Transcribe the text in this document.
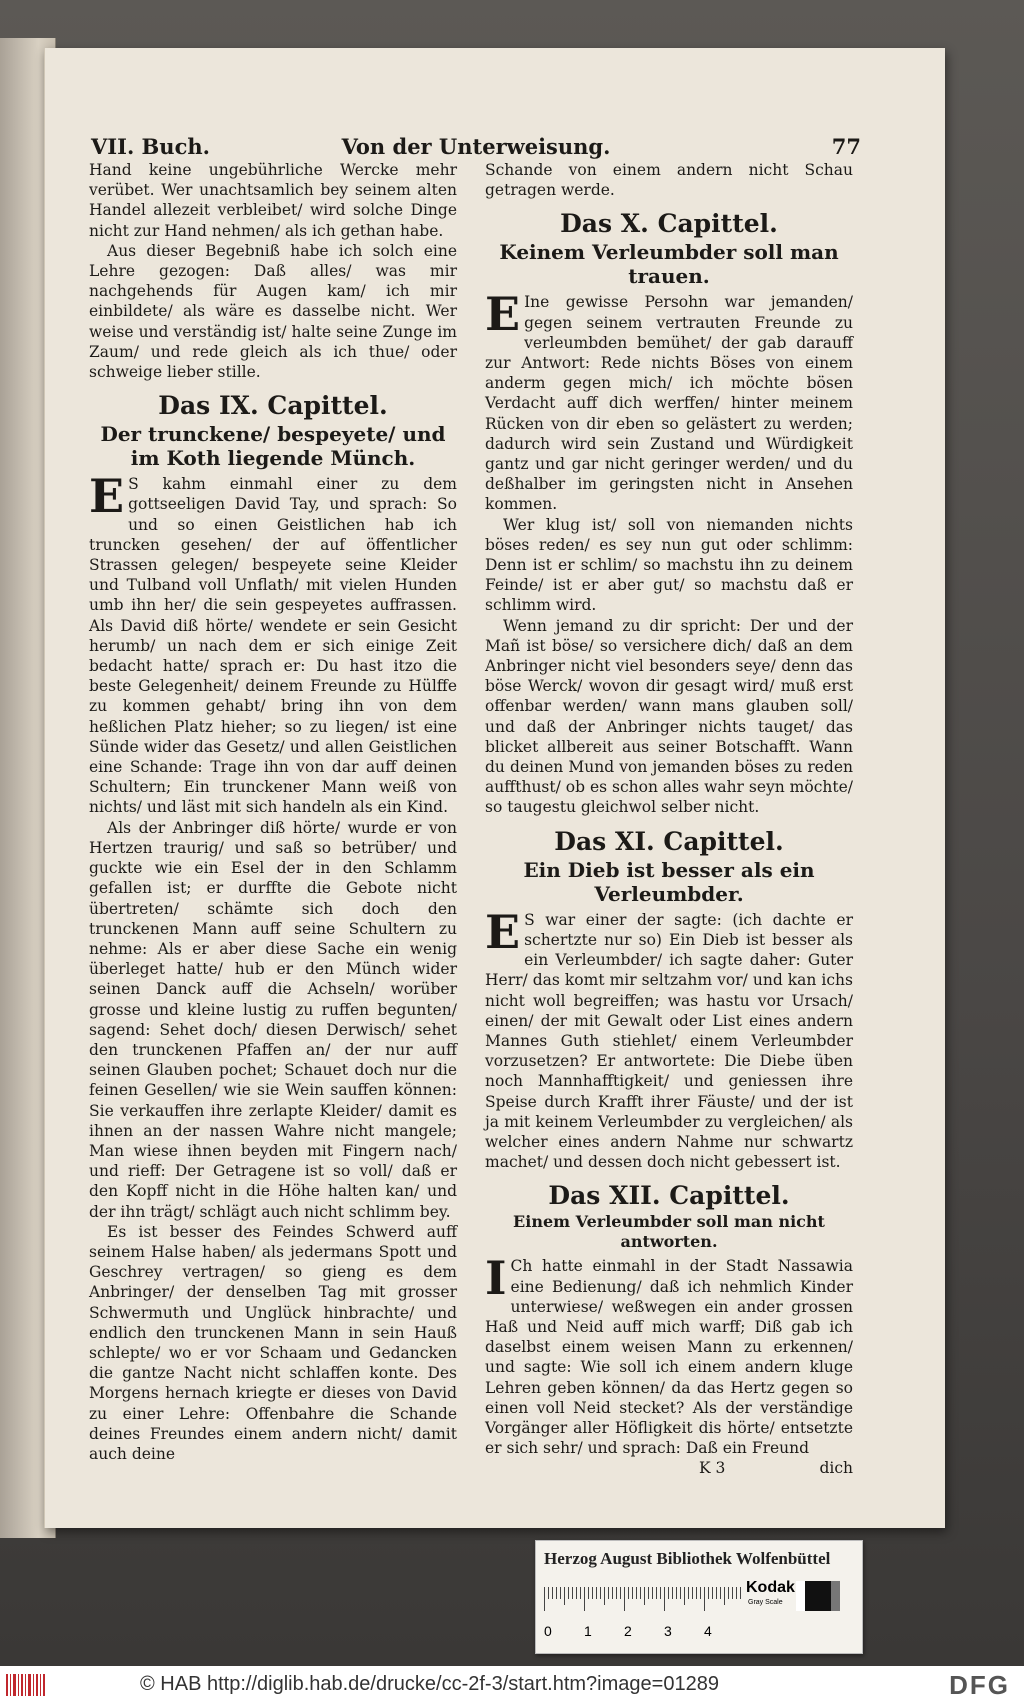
VII. Buch.	Von der Unterweisung.	77

Hand keine ungebührliche Wercke mehr verübet. Wer unachtsamlich bey seinem alten Handel allezeit verbleibet/ wird solche Dinge nicht zur Hand nehmen/ als ich gethan habe.

Aus dieser Begebniß habe ich solch eine Lehre gezogen: Daß alles/ was mir nachgehends für Augen kam/ ich mir einbildete/ als wäre es dasselbe nicht. Wer weise und verständig ist/ halte seine Zunge im Zaum/ und rede gleich als ich thue/ oder schweige lieber stille.

Das IX. Capittel.
Der trunckene/ bespeyete/ und im Koth liegende Münch.

E S kahm einmahl einer zu dem gottseeligen David Tay, und sprach: So und so einen Geistlichen hab ich truncken gesehen/ der auf öffentlicher Strassen gelegen/ bespeyete seine Kleider und Tulband voll Unflath/ mit vielen Hunden umb ihn her/ die sein gespeyetes auffrassen. Als David diß hörte/ wendete er sein Gesicht herumb/ un nach dem er sich einige Zeit bedacht hatte/ sprach er: Du hast itzo die beste Gelegenheit/ deinem Freunde zu Hülffe zu kommen gehabt/ bring ihn von dem heßlichen Platz hieher; so zu liegen/ ist eine Sünde wider das Gesetz/ und allen Geistlichen eine Schande: Trage ihn von dar auff deinen Schultern; Ein trunckener Mann weiß von nichts/ und läst mit sich handeln als ein Kind.

Als der Anbringer diß hörte/ wurde er von Hertzen traurig/ und saß so betrüber/ und guckte wie ein Esel der in den Schlamm gefallen ist; er durffte die Gebote nicht übertreten/ schämte sich doch den trunckenen Mann auff seine Schultern zu nehme: Als er aber diese Sache ein wenig überleget hatte/ hub er den Münch wider seinen Danck auff die Achseln/ worüber grosse und kleine lustig zu ruffen begunten/ sagend: Sehet doch/ diesen Derwisch/ sehet den trunckenen Pfaffen an/ der nur auff seinen Glauben pochet; Schauet doch nur die feinen Gesellen/ wie sie Wein sauffen können: Sie verkauffen ihre zerlapte Kleider/ damit es ihnen an der nassen Wahre nicht mangele; Man wiese ihnen beyden mit Fingern nach/ und rieff: Der Getragene ist so voll/ daß er den Kopff nicht in die Höhe halten kan/ und der ihn trägt/ schlägt auch nicht schlimm bey.

Es ist besser des Feindes Schwerd auff seinem Halse haben/ als jedermans Spott und Geschrey vertragen/ so gieng es dem Anbringer/ der denselben Tag mit grosser Schwermuth und Unglück hinbrachte/ und endlich den trunckenen Mann in sein Hauß schlepte/ wo er vor Schaam und Gedancken die gantze Nacht nicht schlaffen konte. Des Morgens hernach kriegte er dieses von David zu einer Lehre: Offenbahre die Schande deines Freundes einem andern nicht/ damit auch deine

Schande von einem andern nicht Schau getragen werde.

Das X. Capittel.
Keinem Verleumbder soll man trauen.

E Ine gewisse Persohn war jemanden/ gegen seinem vertrauten Freunde zu verleumbden bemühet/ der gab darauff zur Antwort: Rede nichts Böses von einem anderm gegen mich/ ich möchte bösen Verdacht auff dich werffen/ hinter meinem Rücken von dir eben so gelästert zu werden; dadurch wird sein Zustand und Würdigkeit gantz und gar nicht geringer werden/ und du deßhalber im geringsten nicht in Ansehen kommen.

Wer klug ist/ soll von niemanden nichts böses reden/ es sey nun gut oder schlimm: Denn ist er schlim/ so machstu ihn zu deinem Feinde/ ist er aber gut/ so machstu daß er schlimm wird.

Wenn jemand zu dir spricht: Der und der Mañ ist böse/ so versichere dich/ daß an dem Anbringer nicht viel besonders seye/ denn das böse Werck/ wovon dir gesagt wird/ muß erst offenbar werden/ wann mans glauben soll/ und daß der Anbringer nichts tauget/ das blicket allbereit aus seiner Botschafft. Wann du deinen Mund von jemanden böses zu reden auffthust/ ob es schon alles wahr seyn möchte/ so taugestu gleichwol selber nicht.

Das XI. Capittel.
Ein Dieb ist besser als ein Verleumbder.

E S war einer der sagte: (ich dachte er schertzte nur so) Ein Dieb ist besser als ein Verleumbder/ ich sagte daher: Guter Herr/ das komt mir seltzahm vor/ und kan ichs nicht woll begreiffen; was hastu vor Ursach/ einen/ der mit Gewalt oder List eines andern Mannes Guth stiehlet/ einem Verleumbder vorzusetzen? Er antwortete: Die Diebe üben noch Mannhafftigkeit/ und geniessen ihre Speise durch Krafft ihrer Fäuste/ und der ist ja mit keinem Verleumbder zu vergleichen/ als welcher eines andern Nahme nur schwartz machet/ und dessen doch nicht gebessert ist.

Das XII. Capittel.
Einem Verleumbder soll man nicht antworten.

I Ch hatte einmahl in der Stadt Nassawia eine Bedienung/ daß ich nehmlich Kinder unterwiese/ weßwegen ein ander grossen Haß und Neid auff mich warff; Diß gab ich daselbst einem weisen Mann zu erkennen/ und sagte: Wie soll ich einem andern kluge Lehren geben können/ da das Hertz gegen so einen voll Neid stecket? Als der verständige Vorgänger aller Höfligkeit dis hörte/ entsetzte er sich sehr/ und sprach: Daß ein Freund

K 3	dich
Herzog August Bibliothek Wolfenbüttel
Kodak
Gray Scale
0 1 2 3 4
© HAB http://diglib.hab.de/drucke/cc-2f-3/start.htm?image=01289	DFG
